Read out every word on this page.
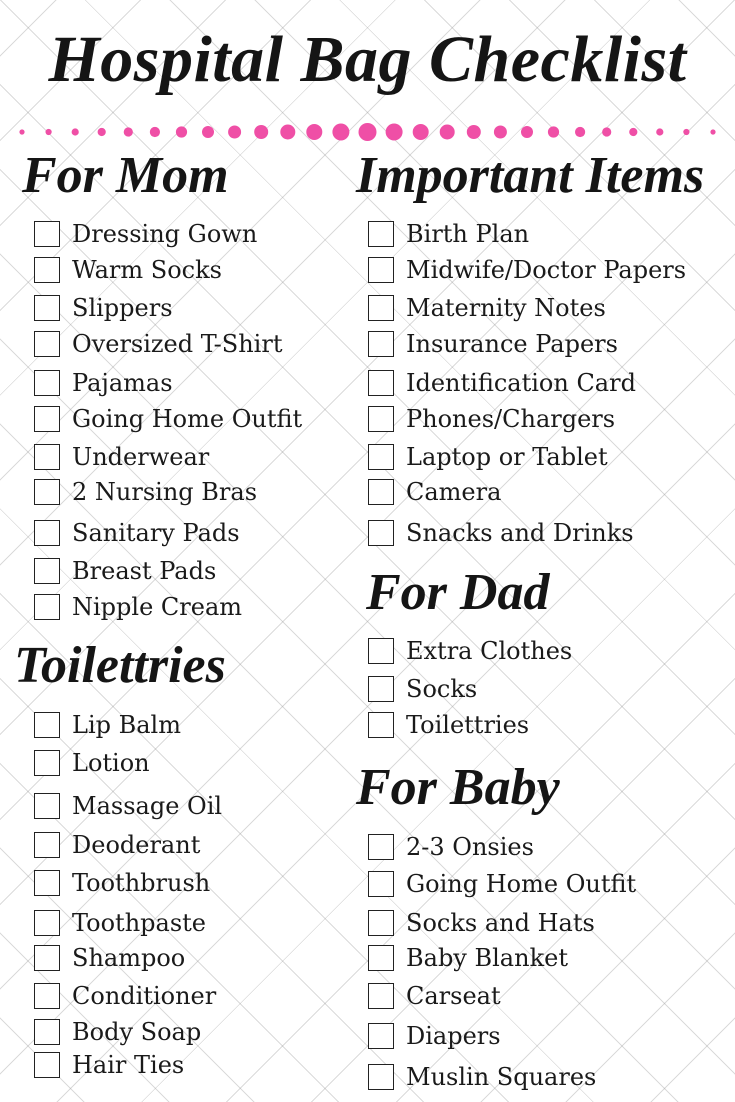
Hospital Bag Checklist
For Mom
Dressing Gown
Warm Socks
Slippers
Oversized T-Shirt
Pajamas
Going Home Outfit
Underwear
2 Nursing Bras
Sanitary Pads
Breast Pads
Nipple Cream
Toilettries
Lip Balm
Lotion
Massage Oil
Deoderant
Toothbrush
Toothpaste
Shampoo
Conditioner
Body Soap
Hair Ties
Important Items
Birth Plan
Midwife/Doctor Papers
Maternity Notes
Insurance Papers
Identification Card
Phones/Chargers
Laptop or Tablet
Camera
Snacks and Drinks
For Dad
Extra Clothes
Socks
Toilettries
For Baby
2-3 Onsies
Going Home Outfit
Socks and Hats
Baby Blanket
Carseat
Diapers
Muslin Squares
